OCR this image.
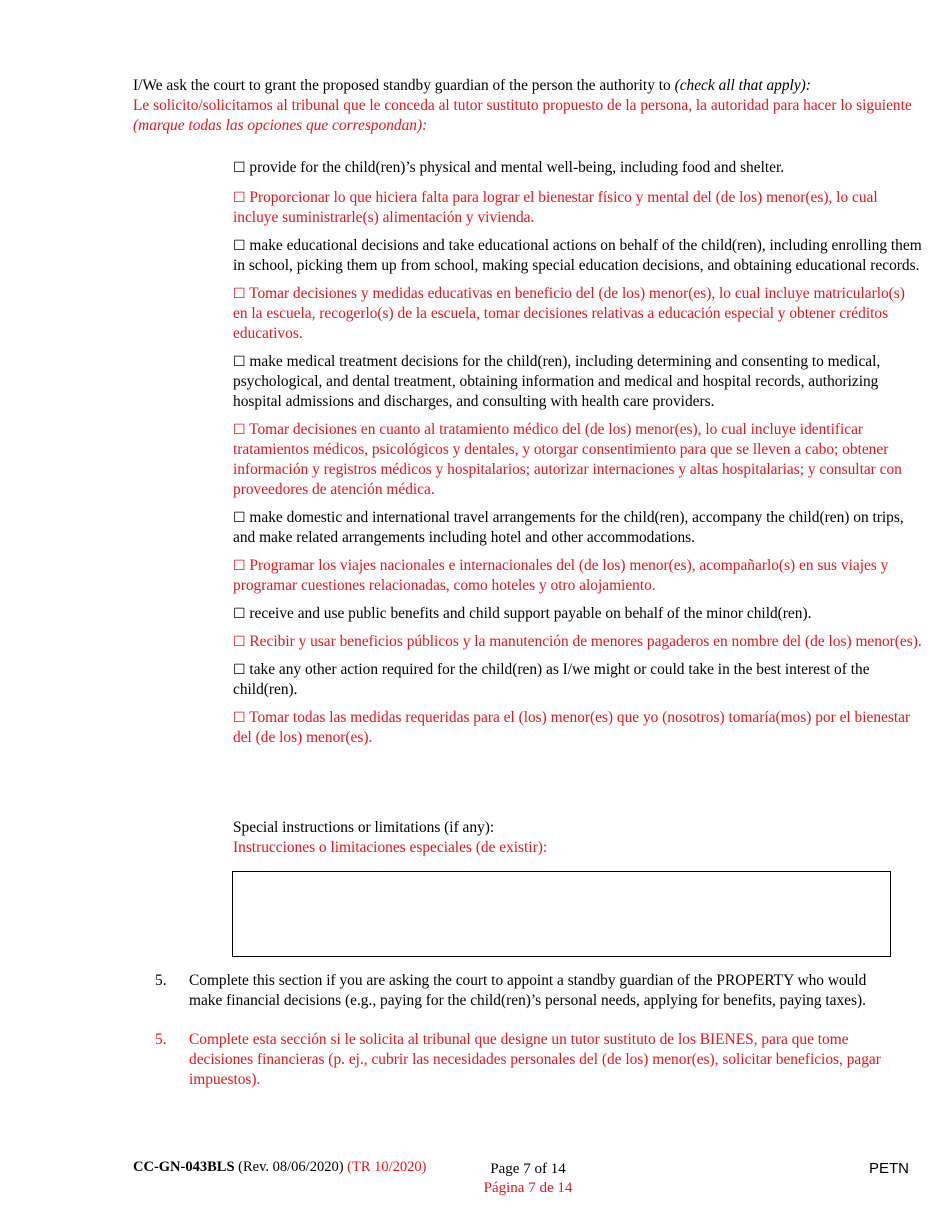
I/We ask the court to grant the proposed standby guardian of the person the authority to (check all that apply):

Le solicito/solicitamos al tribunal que le conceda al tutor sustituto propuesto de la persona, la autoridad para hacer lo siguiente (marque todas las opciones que correspondan):

☐ provide for the child(ren)’s physical and mental well-being, including food and shelter.
☐ Proporcionar lo que hiciera falta para lograr el bienestar físico y mental del (de los) menor(es), lo cual incluye suministrarle(s) alimentación y vivienda.
☐ make educational decisions and take educational actions on behalf of the child(ren), including enrolling them in school, picking them up from school, making special education decisions, and obtaining educational records.
☐ Tomar decisiones y medidas educativas en beneficio del (de los) menor(es), lo cual incluye matricularlo(s) en la escuela, recogerlo(s) de la escuela, tomar decisiones relativas a educación especial y obtener créditos educativos.
☐ make medical treatment decisions for the child(ren), including determining and consenting to medical, psychological, and dental treatment, obtaining information and medical and hospital records, authorizing hospital admissions and discharges, and consulting with health care providers.
☐ Tomar decisiones en cuanto al tratamiento médico del (de los) menor(es), lo cual incluye identificar tratamientos médicos, psicológicos y dentales, y otorgar consentimiento para que se lleven a cabo; obtener información y registros médicos y hospitalarios; autorizar internaciones y altas hospitalarias; y consultar con proveedores de atención médica.
☐ make domestic and international travel arrangements for the child(ren), accompany the child(ren) on trips, and make related arrangements including hotel and other accommodations.
☐ Programar los viajes nacionales e internacionales del (de los) menor(es), acompañarlo(s) en sus viajes y programar cuestiones relacionadas, como hoteles y otro alojamiento.
☐ receive and use public benefits and child support payable on behalf of the minor child(ren).
☐ Recibir y usar beneficios públicos y la manutención de menores pagaderos en nombre del (de los) menor(es).
☐ take any other action required for the child(ren) as I/we might or could take in the best interest of the child(ren).
☐ Tomar todas las medidas requeridas para el (los) menor(es) que yo (nosotros) tomaría(mos) por el bienestar del (de los) menor(es).
Special instructions or limitations (if any):
Instrucciones o limitaciones especiales (de existir):
5. Complete this section if you are asking the court to appoint a standby guardian of the PROPERTY who would make financial decisions (e.g., paying for the child(ren)’s personal needs, applying for benefits, paying taxes).
5. Complete esta sección si le solicita al tribunal que designe un tutor sustituto de los BIENES, para que tome decisiones financieras (p. ej., cubrir las necesidades personales del (de los) menor(es), solicitar beneficios, pagar impuestos).
CC-GN-043BLS (Rev. 08/06/2020) (TR 10/2020)	Page 7 of 14
Página 7 de 14
PETN
